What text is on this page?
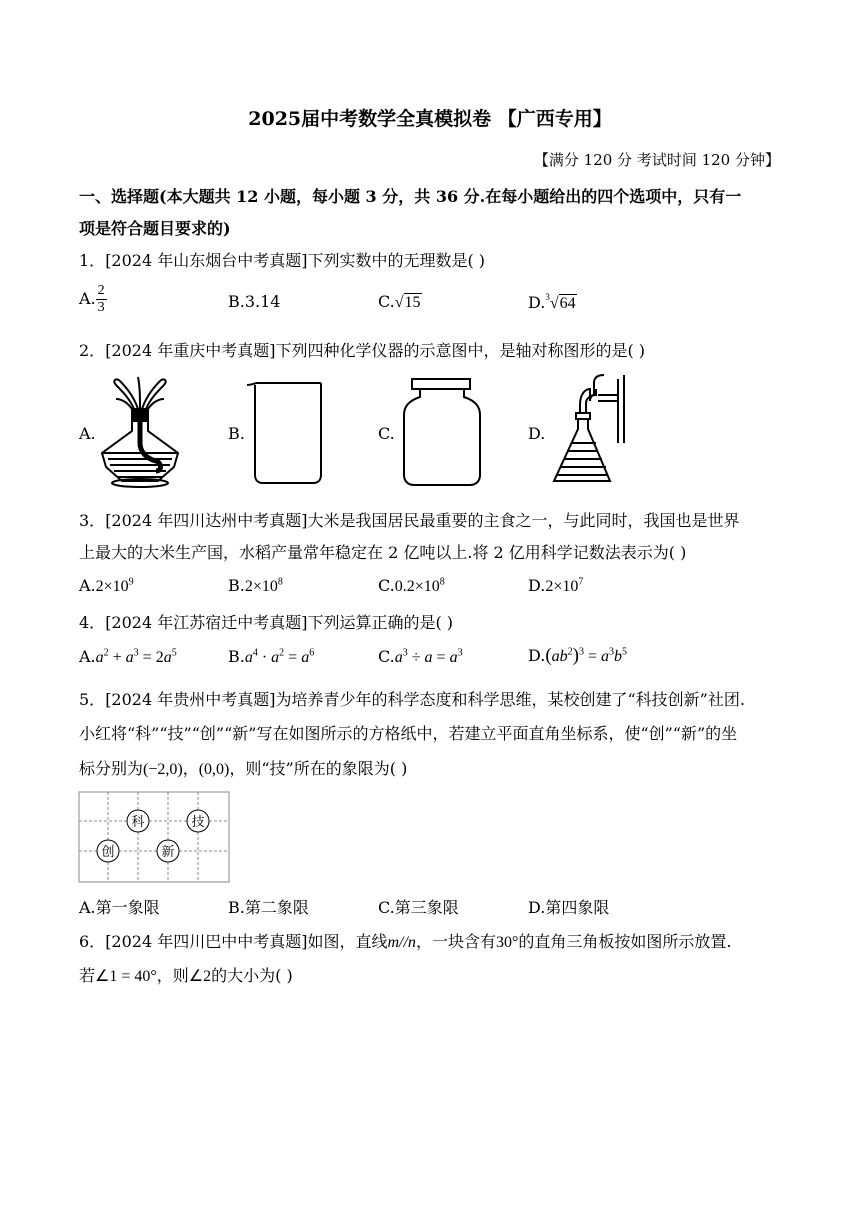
2025届中考数学全真模拟卷 【广西专用】
【满分 120 分 考试时间 120 分钟】
一、选择题(本大题共 12 小题，每小题 3 分，共 36 分.在每小题给出的四个选项中，只有一
项是符合题目要求的)
1．[2024 年山东烟台中考真题]下列实数中的无理数是( )
A. $\frac{2}{3}$	B.3.14	C.√15	D.$^3$√64
2．[2024 年重庆中考真题]下列四种化学仪器的示意图中，是轴对称图形的是( )
A.	B.	C.	D.
3．[2024 年四川达州中考真题]大米是我国居民最重要的主食之一，与此同时，我国也是世界
上最大的大米生产国，水稻产量常年稳定在 2 亿吨以上.将 2 亿用科学记数法表示为( )
$A.2\times 10^9$	$B.2\times 10^8$	$C.0.2\times 10^8$	$D.2\times 10^7$
4．[2024 年江苏宿迁中考真题]下列运算正确的是( )
$A.a^2 + a^3 = 2a^5$	$B.a^4 \cdot a^2 = a^6$	$C.a^3 \div a = a^3$	$D.(ab^2)^3 = a^3b^5$
5．[2024 年贵州中考真题]为培养青少年的科学态度和科学思维，某校创建了“科技创新”社团.
小红将“科”“技”“创”“新”写在如图所示的方格纸中，若建立平面直角坐标系，使“创”“新”的坐
标分别为(−2,0)，(0,0)，则“技”所在的象限为( )
科	技
创	新
A.第一象限	B.第二象限	C.第三象限	D.第四象限
6．[2024 年四川巴中中考真题]如图，直线m//n，一块含有30°的直角三角板按如图所示放置.
若∠1 = 40°，则∠2的大小为( )
